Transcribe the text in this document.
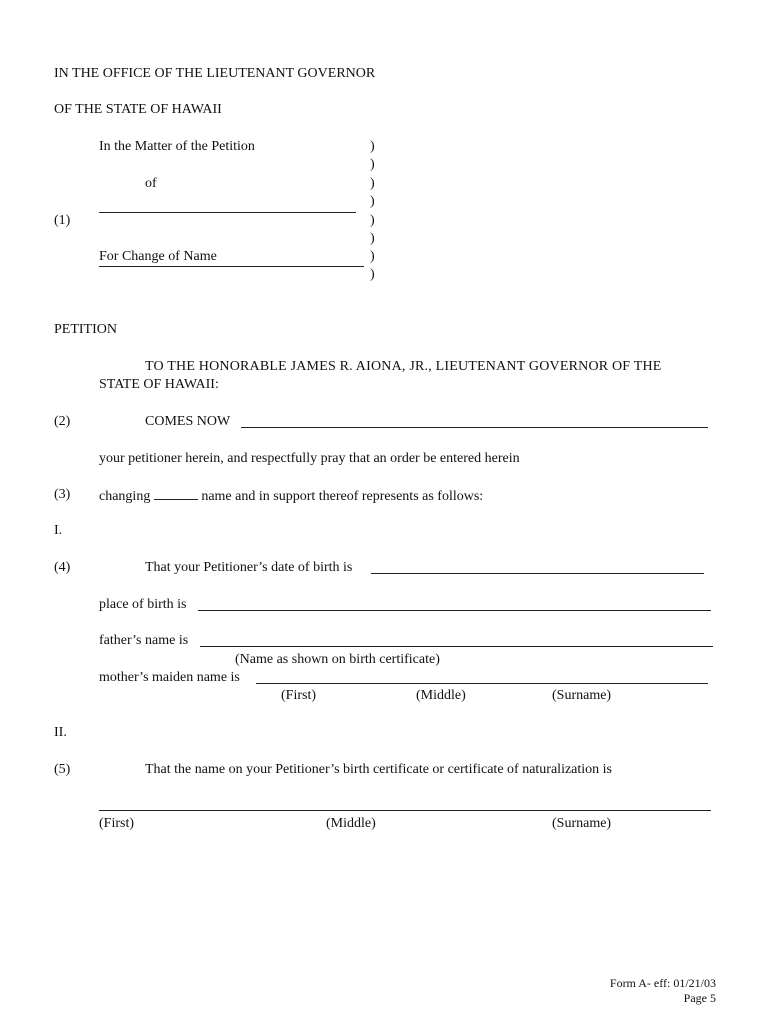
IN THE OFFICE OF THE LIEUTENANT GOVERNOR
OF THE STATE OF HAWAII
In the Matter of the Petition
of
(1)
For Change of Name
)
)
)
)
)
)
)
)
PETITION
TO THE HONORABLE JAMES R. AIONA, JR., LIEUTENANT GOVERNOR OF THE
STATE OF HAWAII:
(2)	COMES NOW
your petitioner herein, and respectfully pray that an order be entered herein
(3) changing	name and in support thereof represents as follows:
I.
(4)	That your Petitioner’s date of birth is
place of birth is
father’s name is
(Name as shown on birth certificate)
mother’s maiden name is
(First)	(Middle)	(Surname)
II.
(5)	That the name on your Petitioner’s birth certificate or certificate of naturalization is
(First)	(Middle)	(Surname)
Form A- eff: 01/21/03
Page 5
